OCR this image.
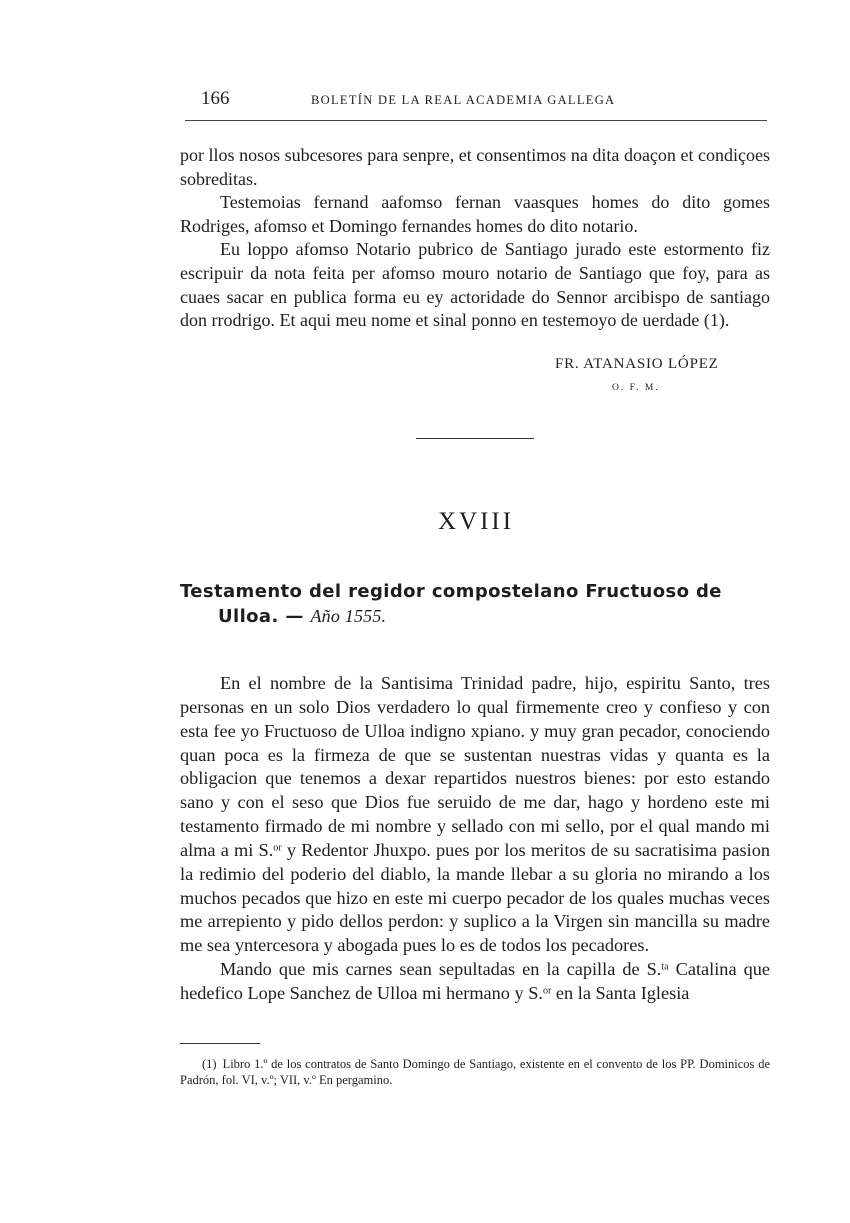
166	BOLETÍN DE LA REAL ACADEMIA GALLEGA

por llos nosos subcesores para senpre, et consentimos na dita doaçon et condiçoes sobreditas.

Testemoias fernand aafomso fernan vaasques homes do dito gomes Rodriges, afomso et Domingo fernandes homes do dito notario.

Eu loppo afomso Notario pubrico de Santiago jurado este estormento fiz escripuir da nota feita per afomso mouro notario de Santiago que foy, para as cuaes sacar en publica forma eu ey actoridade do Sennor arcibispo de santiago don rrodrigo. Et aqui meu nome et sinal ponno en testemoyo de uerdade (1).

FR. ATANASIO LÓPEZ
O. F. M.
XVIII
Testamento del regidor compostelano Fructuoso de
Ulloa. — Año 1555.

En el nombre de la Santisima Trinidad padre, hijo, espiritu Santo, tres personas en un solo Dios verdadero lo qual firmemente creo y confieso y con esta fee yo Fructuoso de Ulloa indigno xpiano. y muy gran pecador, conociendo quan poca es la firmeza de que se sustentan nuestras vidas y quanta es la obligacion que tenemos a dexar repartidos nuestros bienes: por esto estando sano y con el seso que Dios fue seruido de me dar, hago y hordeno este mi testamento firmado de mi nombre y sellado con mi sello, por el qual mando mi alma a mi S.$^{or}$ y Redentor Jhuxpo. pues por los meritos de su sacratisima pasion la redimio del poderio del diablo, la mande llebar a su gloria no mirando a los muchos pecados que hizo en este mi cuerpo pecador de los quales muchas veces me arrepiento y pido dellos perdon: y suplico a la Virgen sin mancilla su madre me sea yntercesora y abogada pues lo es de todos los pecadores.

Mando que mis carnes sean sepultadas en la capilla de S.$^{ta}$ Catalina que hedefico Lope Sanchez de Ulloa mi hermano y S.$^{or}$ en la Santa Iglesia

(1) Libro 1.º de los contratos de Santo Domingo de Santiago, existente en el convento de los PP. Dominicos de Padrón, fol. VI, v.º; VII, v.º En pergamino.
